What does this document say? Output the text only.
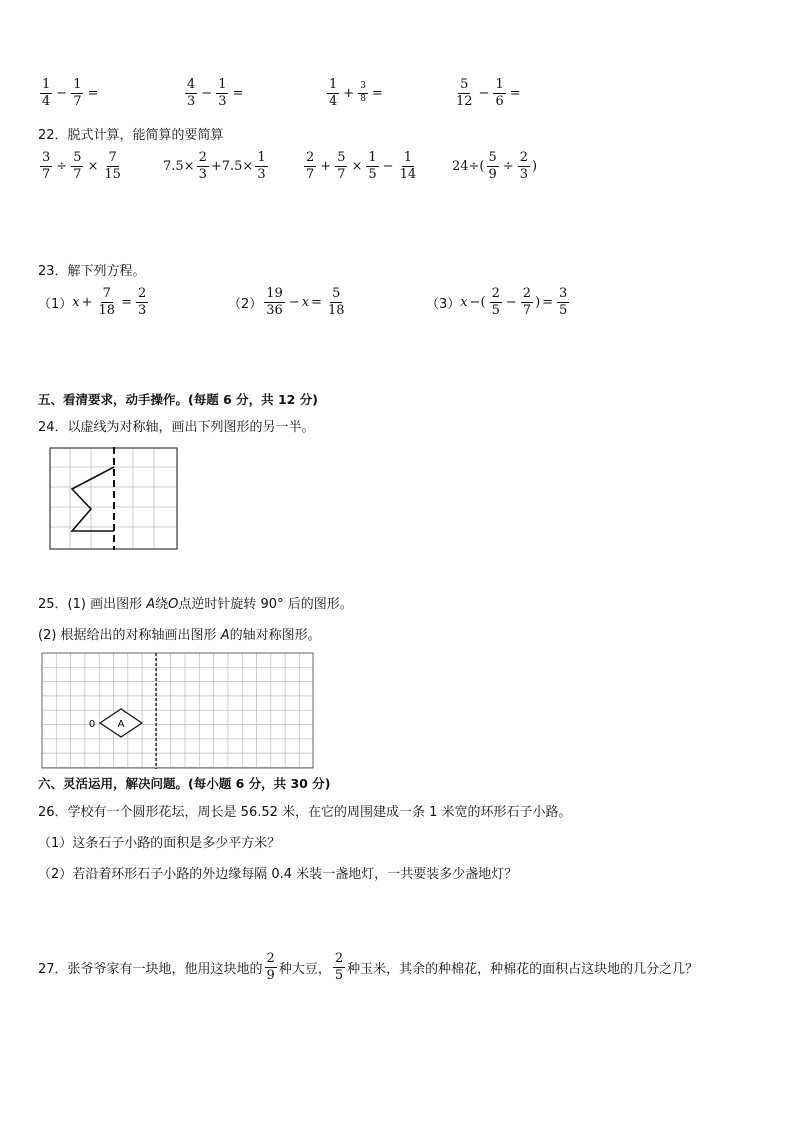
$\frac{1}{4} - \frac{1}{7}$ =	$\frac{4}{3} - \frac{1}{3}$ =	$\frac{1}{4} + \frac{3}{8}$ =	$\frac{5}{12} - \frac{1}{6}$ =
22．脱式计算，能简算的要简算
$\frac{3}{7} \div \frac{5}{7} \times \frac{7}{15}$	$7.5\times \frac{2}{3} +7.5\times \frac{1}{3}$	$\frac{2}{7} + \frac{5}{7} \times \frac{1}{5} - \frac{1}{14}$	$24\div( \frac{5}{9} \div \frac{2}{3}$ )
23．解下列方程。
（1） $x + \frac{7}{18} = \frac{2}{3}$	$(2) \frac{19}{36} - x = \frac{5}{18}$	（3） x −( $\frac{2}{5} - \frac{2}{7}$ ) = $\frac{3}{5}$
五、看清要求，动手操作。(每题 6 分，共 12 分)
24．以虚线为对称轴，画出下列图形的另一半。
25．(1) 画出图形 A绕O点逆时针旋转 90° 后的图形。
(2) 根据给出的对称轴画出图形 A的轴对称图形。
A
0
六、灵活运用，解决问题。(每小题 6 分，共 30 分)
26．学校有一个圆形花坛，周长是 56.52 米，在它的周围建成一条 1 米宽的环形石子小路。
（1）这条石子小路的面积是多少平方米？
（2）若沿着环形石子小路的外边缘每隔 0.4 米装一盏地灯，一共要装多少盏地灯？
27．张爷爷家有一块地，他用这块地的 $\frac{2}{9}$ 种大豆， $\frac{2}{5}$ 种玉米，其余的种棉花，种棉花的面积占这块地的几分之几？
